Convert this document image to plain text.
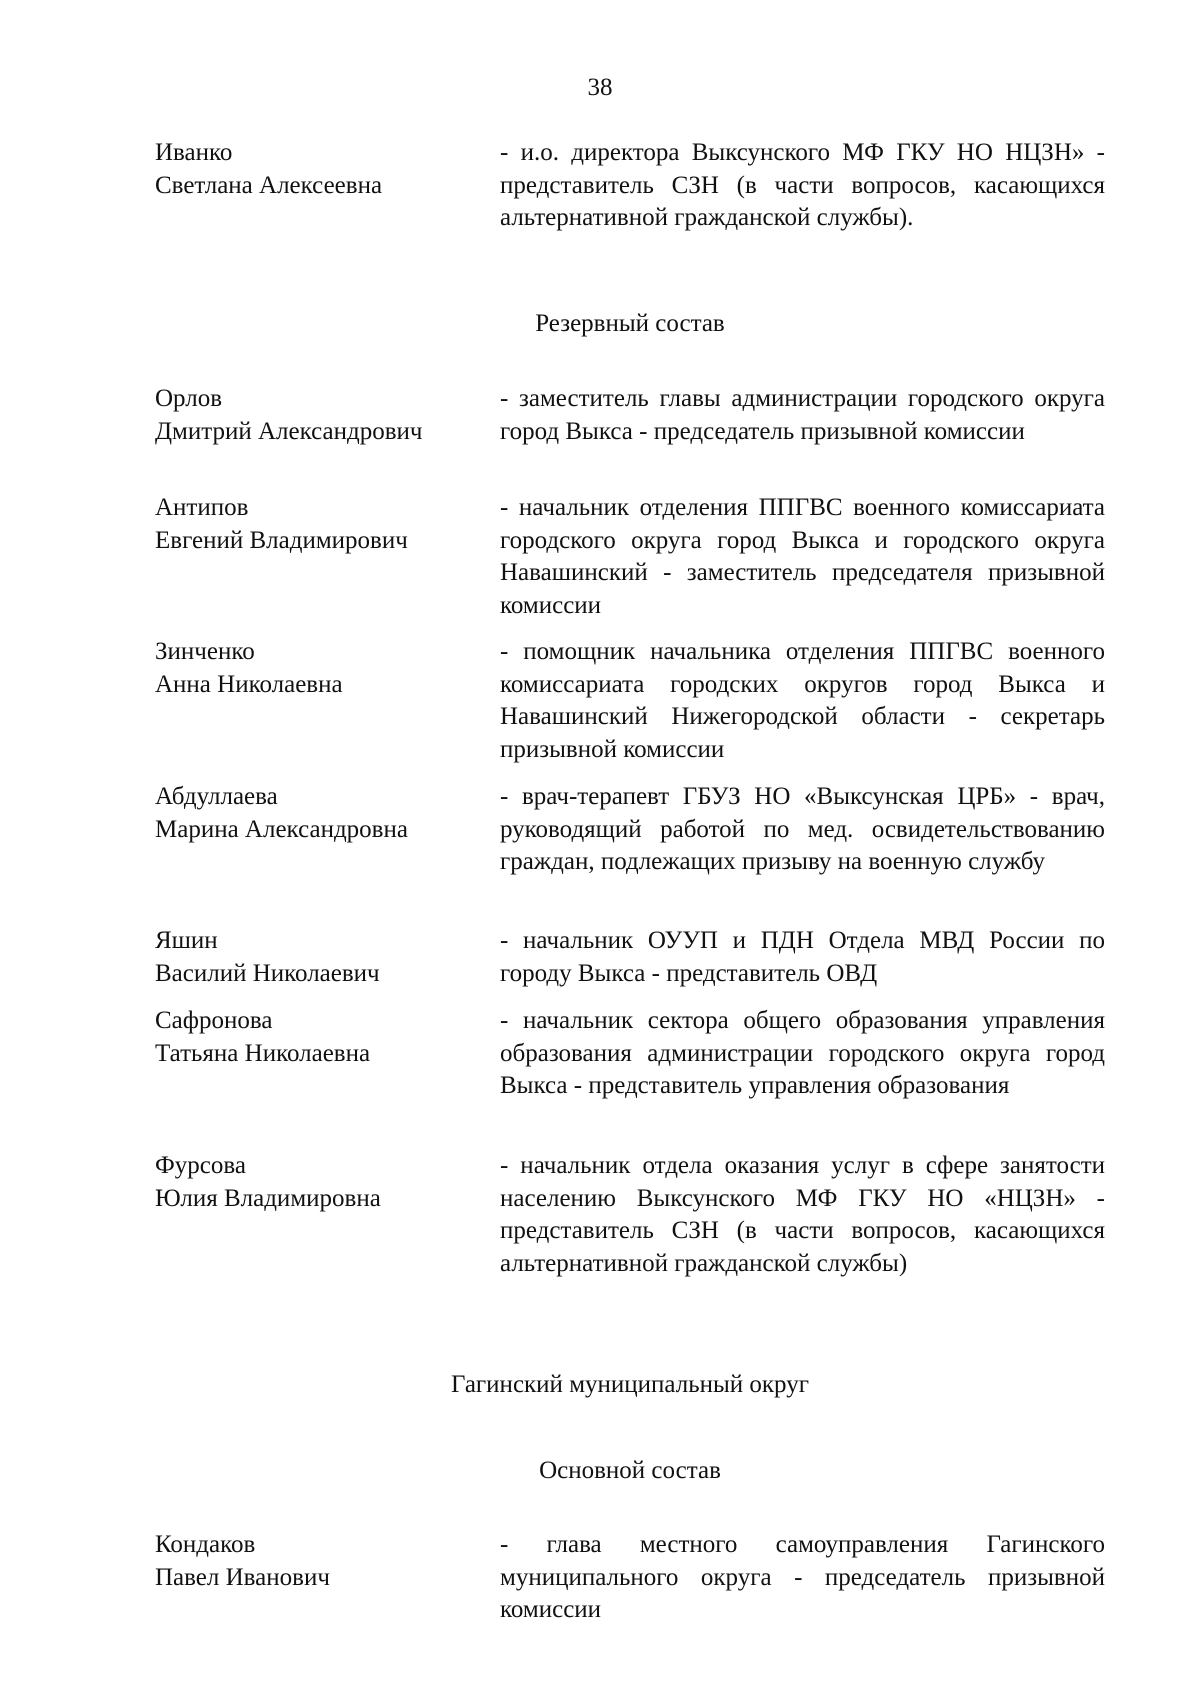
38
Иванко
Светлана Алексеевна
- и.о. директора Выксунского МФ ГКУ НО НЦЗН» - представитель СЗН (в части вопросов, касающихся альтернативной гражданской службы).
Резервный состав
Орлов
Дмитрий Александрович
- заместитель главы администрации городского округа город Выкса - председатель призывной комиссии
Антипов
Евгений Владимирович
- начальник отделения ППГВС военного комиссариата городского округа город Выкса и городского округа Навашинский - заместитель председателя призывной комиссии
Зинченко
Анна Николаевна
- помощник начальника отделения ППГВС военного комиссариата городских округов город Выкса и Навашинский Нижегородской области - секретарь призывной комиссии
Абдуллаева
Марина Александровна
- врач-терапевт ГБУЗ НО «Выксунская ЦРБ» - врач, руководящий работой по мед. освидетельствованию граждан, подлежащих призыву на военную службу
Яшин
Василий Николаевич
- начальник ОУУП и ПДН Отдела МВД России по городу Выкса - представитель ОВД
Сафронова
Татьяна Николаевна
- начальник сектора общего образования управления образования администрации городского округа город Выкса - представитель управления образования
Фурсова
Юлия Владимировна
- начальник отдела оказания услуг в сфере занятости населению Выксунского МФ ГКУ НО «НЦЗН» - представитель СЗН (в части вопросов, касающихся альтернативной гражданской службы)
Гагинский муниципальный округ
Основной состав
Кондаков
Павел Иванович
- глава местного самоуправления Гагинского муниципального округа - председатель призывной комиссии
